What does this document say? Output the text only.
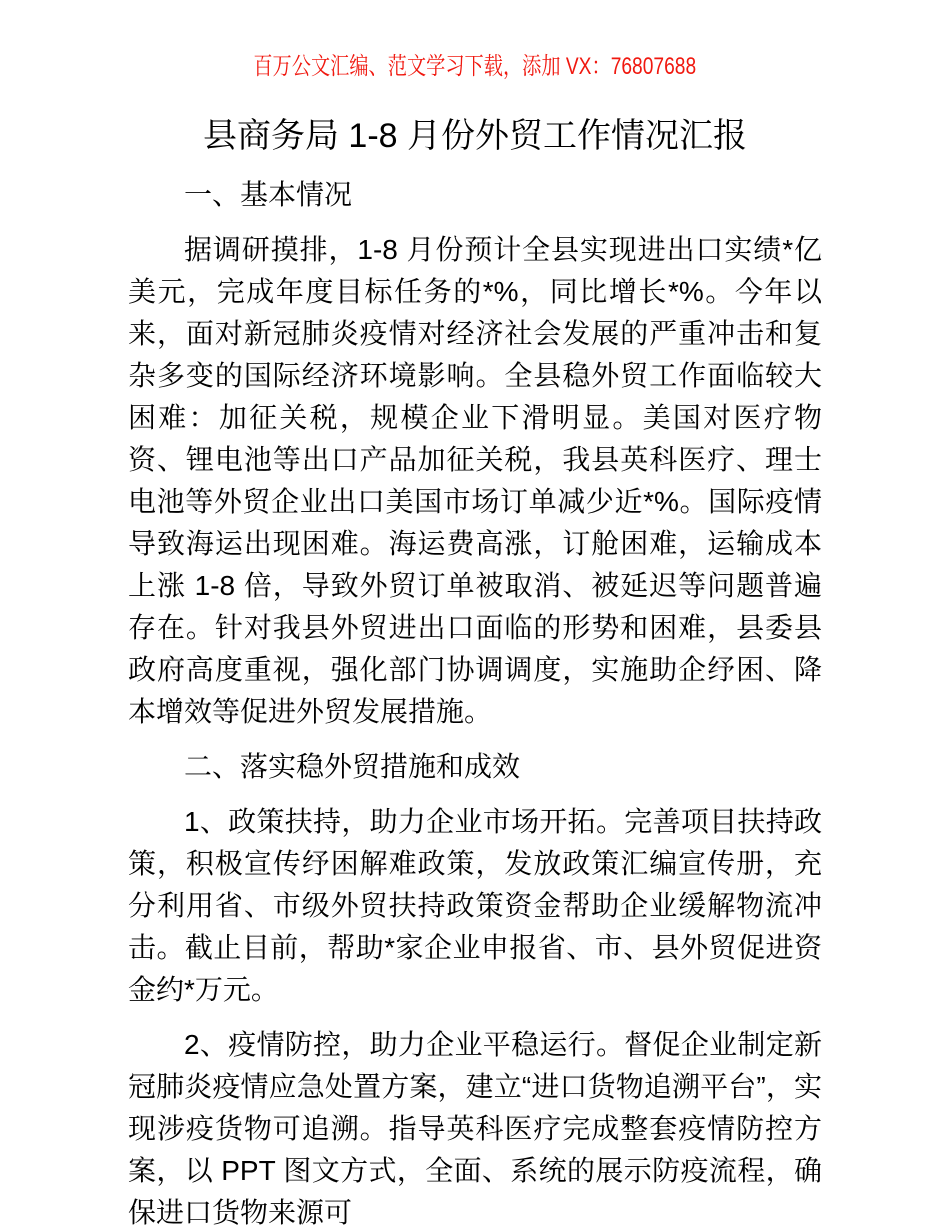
百万公文汇编、范文学习下载，添加 VX：76807688
县商务局 1-8 月份外贸工作情况汇报
一、基本情况

据调研摸排，1-8 月份预计全县实现进出口实绩*亿美元，完成年度目标任务的*%，同比增长*%。今年以来，面对新冠肺炎疫情对经济社会发展的严重冲击和复杂多变的国际经济环境影响。全县稳外贸工作面临较大困难：加征关税，规模企业下滑明显。美国对医疗物资、锂电池等出口产品加征关税，我县英科医疗、理士电池等外贸企业出口美国市场订单减少近*%。国际疫情导致海运出现困难。海运费高涨，订舱困难，运输成本上涨 1-8 倍，导致外贸订单被取消、被延迟等问题普遍存在。针对我县外贸进出口面临的形势和困难，县委县政府高度重视，强化部门协调调度，实施助企纾困、降本增效等促进外贸发展措施。

二、落实稳外贸措施和成效

1、政策扶持，助力企业市场开拓。完善项目扶持政策，积极宣传纾困解难政策，发放政策汇编宣传册，充分利用省、市级外贸扶持政策资金帮助企业缓解物流冲击。截止目前，帮助*家企业申报省、市、县外贸促进资金约*万元。

2、疫情防控，助力企业平稳运行。督促企业制定新冠肺炎疫情应急处置方案，建立“进口货物追溯平台”，实现涉疫货物可追溯。指导英科医疗完成整套疫情防控方案，以 PPT 图文方式，全面、系统的展示防疫流程，确保进口货物来源可
